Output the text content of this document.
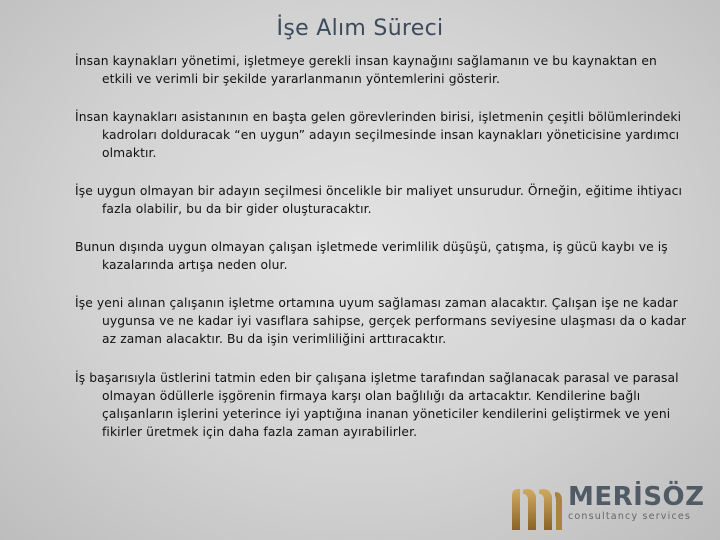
İşe Alım Süreci

İnsan kaynakları yönetimi, işletmeye gerekli insan kaynağını sağlamanın ve bu kaynaktan en etkili ve verimli bir şekilde yararlanmanın yöntemlerini gösterir.

İnsan kaynakları asistanının en başta gelen görevlerinden birisi, işletmenin çeşitli bölümlerindeki kadroları dolduracak “en uygun” adayın seçilmesinde insan kaynakları yöneticisine yardımcı olmaktır.

İşe uygun olmayan bir adayın seçilmesi öncelikle bir maliyet unsurudur. Örneğin, eğitime ihtiyacı fazla olabilir, bu da bir gider oluşturacaktır.

Bunun dışında uygun olmayan çalışan işletmede verimlilik düşüşü, çatışma, iş gücü kaybı ve iş kazalarında artışa neden olur.

İşe yeni alınan çalışanın işletme ortamına uyum sağlaması zaman alacaktır. Çalışan işe ne kadar uygunsa ve ne kadar iyi vasıflara sahipse, gerçek performans seviyesine ulaşması da o kadar az zaman alacaktır. Bu da işin verimliliğini arttıracaktır.

İş başarısıyla üstlerini tatmin eden bir çalışana işletme tarafından sağlanacak parasal ve parasal olmayan ödüllerle işgörenin firmaya karşı olan bağlılığı da artacaktır. Kendilerine bağlı çalışanların işlerini yeterince iyi yaptığına inanan yöneticiler kendilerini geliştirmek ve yeni fikirler üretmek için daha fazla zaman ayırabilirler.

MERİSÖZ
consultancy services
